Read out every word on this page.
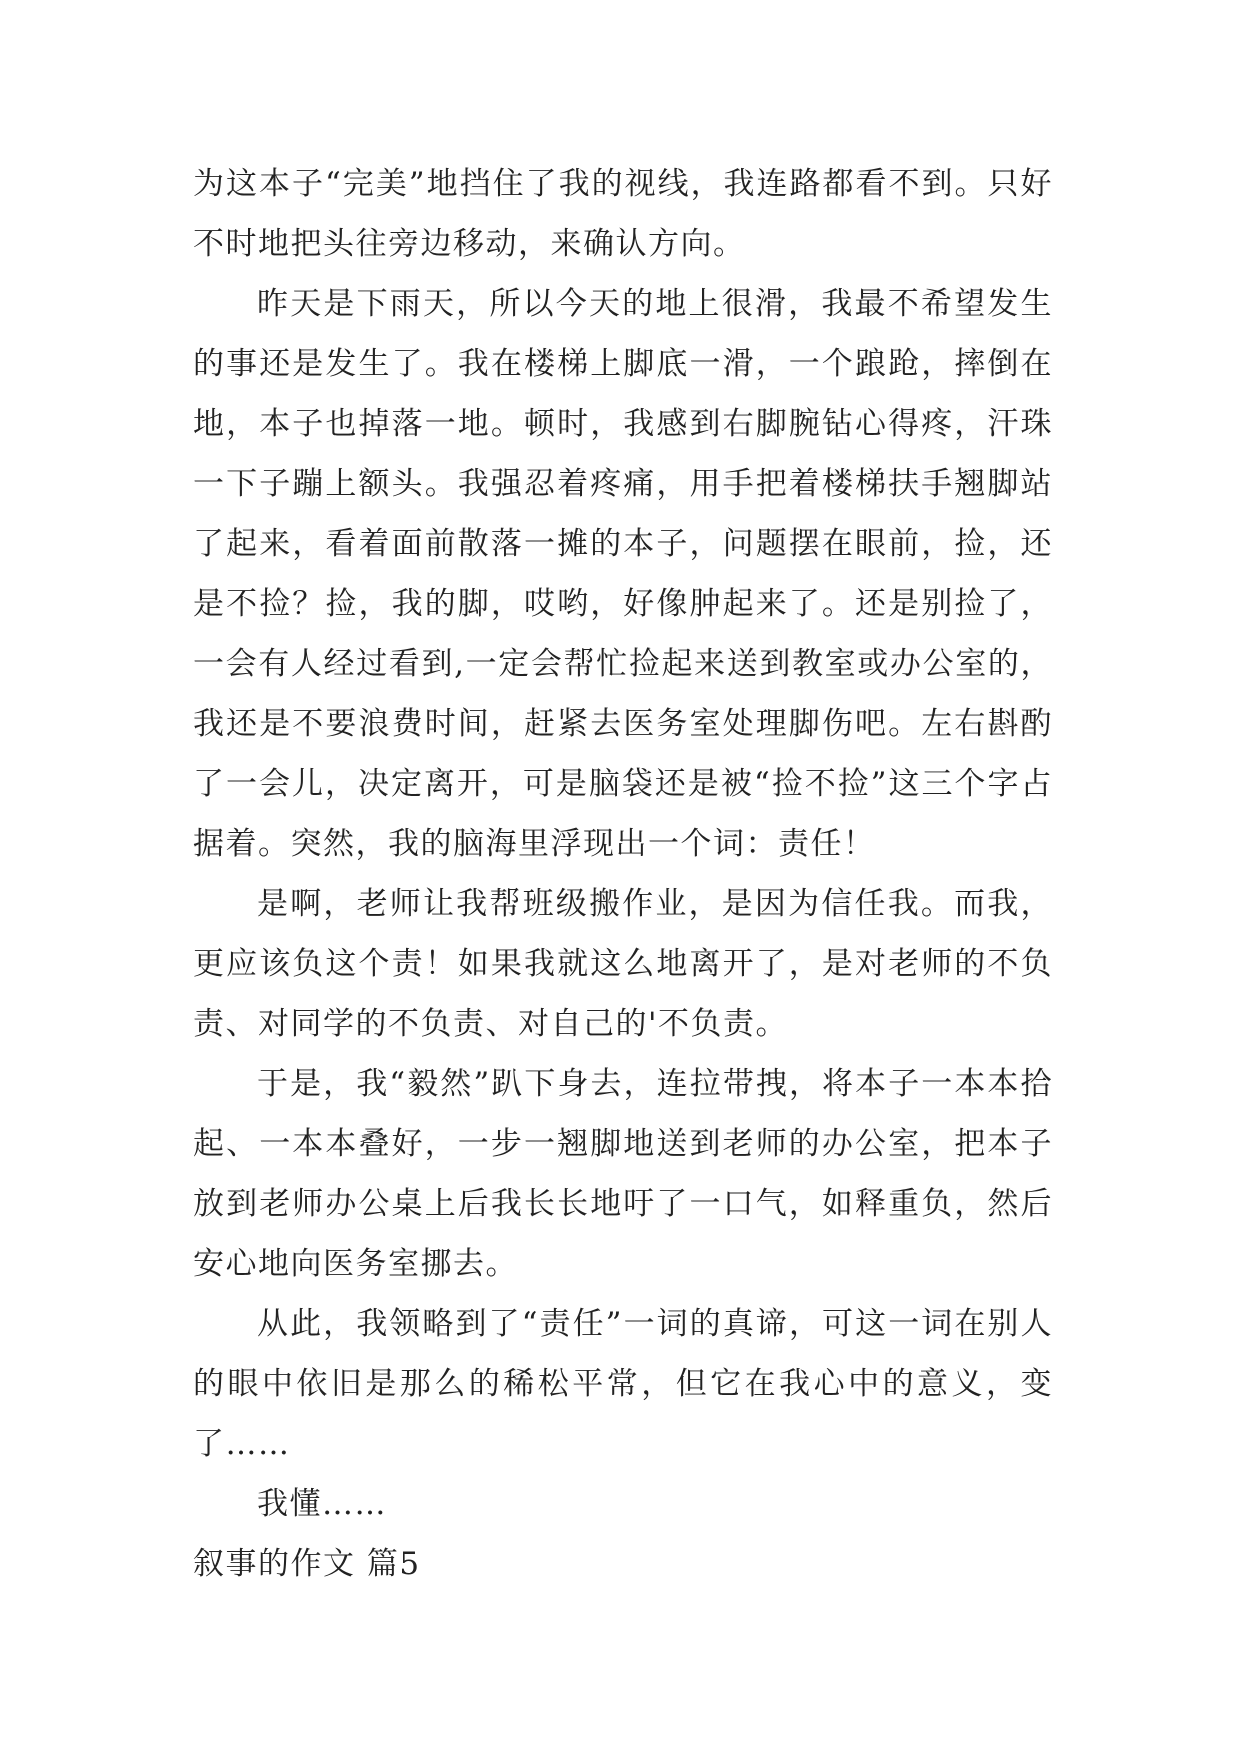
为这本子“完美”地挡住了我的视线，我连路都看不到。只好不时地把头往旁边移动，来确认方向。

昨天是下雨天，所以今天的地上很滑，我最不希望发生的事还是发生了。我在楼梯上脚底一滑，一个踉跄，摔倒在地，本子也掉落一地。顿时，我感到右脚腕钻心得疼，汗珠一下子蹦上额头。我强忍着疼痛，用手把着楼梯扶手翘脚站了起来，看着面前散落一摊的本子，问题摆在眼前，捡，还是不捡？捡，我的脚，哎哟，好像肿起来了。还是别捡了，一会有人经过看到,一定会帮忙捡起来送到教室或办公室的，我还是不要浪费时间，赶紧去医务室处理脚伤吧。左右斟酌了一会儿，决定离开，可是脑袋还是被“捡不捡”这三个字占据着。突然，我的脑海里浮现出一个词：责任！

是啊，老师让我帮班级搬作业，是因为信任我。而我，更应该负这个责！如果我就这么地离开了，是对老师的不负责、对同学的不负责、对自己的'不负责。

于是，我“毅然”趴下身去，连拉带拽，将本子一本本拾起、一本本叠好，一步一翘脚地送到老师的办公室，把本子放到老师办公桌上后我长长地吁了一口气，如释重负，然后安心地向医务室挪去。

从此，我领略到了“责任”一词的真谛，可这一词在别人的眼中依旧是那么的稀松平常，但它在我心中的意义，变了……

我懂……

叙事的作文 篇5
